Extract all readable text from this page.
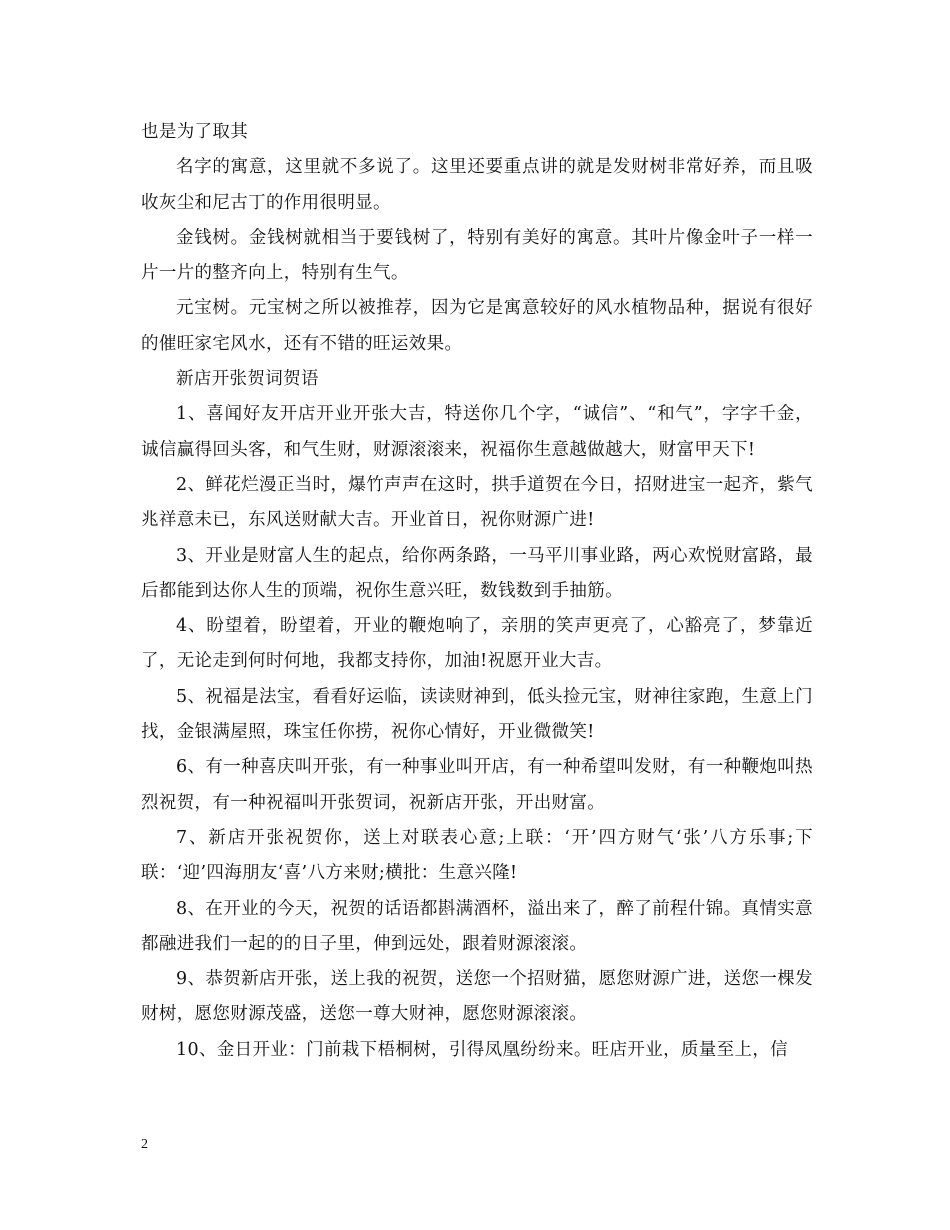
也是为了取其

名字的寓意，这里就不多说了。这里还要重点讲的就是发财树非常好养，而且吸收灰尘和尼古丁的作用很明显。

金钱树。金钱树就相当于要钱树了，特别有美好的寓意。其叶片像金叶子一样一片一片的整齐向上，特别有生气。

元宝树。元宝树之所以被推荐，因为它是寓意较好的风水植物品种，据说有很好的催旺家宅风水，还有不错的旺运效果。

新店开张贺词贺语

1、喜闻好友开店开业开张大吉，特送你几个字，“诚信”、“和气”，字字千金，诚信赢得回头客，和气生财，财源滚滚来，祝福你生意越做越大，财富甲天下!

2、鲜花烂漫正当时，爆竹声声在这时，拱手道贺在今日，招财进宝一起齐，紫气兆祥意未已，东风送财献大吉。开业首日，祝你财源广进!

3、开业是财富人生的起点，给你两条路，一马平川事业路，两心欢悦财富路，最后都能到达你人生的顶端，祝你生意兴旺，数钱数到手抽筋。

4、盼望着，盼望着，开业的鞭炮响了，亲朋的笑声更亮了，心豁亮了，梦靠近了，无论走到何时何地，我都支持你，加油!祝愿开业大吉。

5、祝福是法宝，看看好运临，读读财神到，低头捡元宝，财神往家跑，生意上门找，金银满屋照，珠宝任你捞，祝你心情好，开业微微笑!

6、有一种喜庆叫开张，有一种事业叫开店，有一种希望叫发财，有一种鞭炮叫热烈祝贺，有一种祝福叫开张贺词，祝新店开张，开出财富。

7、新店开张祝贺你，送上对联表心意;上联：‘开’四方财气‘张’八方乐事;下联：‘迎’四海朋友‘喜’八方来财;横批：生意兴隆!

8、在开业的今天，祝贺的话语都斟满酒杯，溢出来了，醉了前程什锦。真情实意都融进我们一起的的日子里，伸到远处，跟着财源滚滚。

9、恭贺新店开张，送上我的祝贺，送您一个招财猫，愿您财源广进，送您一棵发财树，愿您财源茂盛，送您一尊大财神，愿您财源滚滚。

10、金日开业：门前栽下梧桐树，引得凤凰纷纷来。旺店开业，质量至上，信

2
